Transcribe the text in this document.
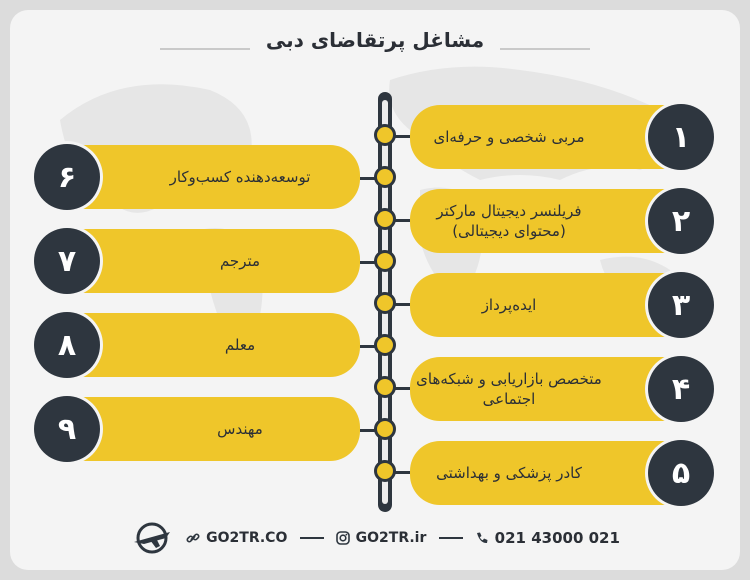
مشاغل پرتقاضای دبی
مربی شخصی و حرفه‌ای	۱
فریلنسر دیجیتال مارکتر (محتوای دیجیتالی)	۲
ایده‌پرداز	۳
متخصص بازاریابی و شبکه‌های اجتماعی	۴
کادر پزشکی و بهداشتی	۵
توسعه‌دهنده کسب‌وکار
۶
مترجم
۷
معلم
۸
مهندس
۹
GO2TR.CO	GO2TR.ir	021 43000 021
